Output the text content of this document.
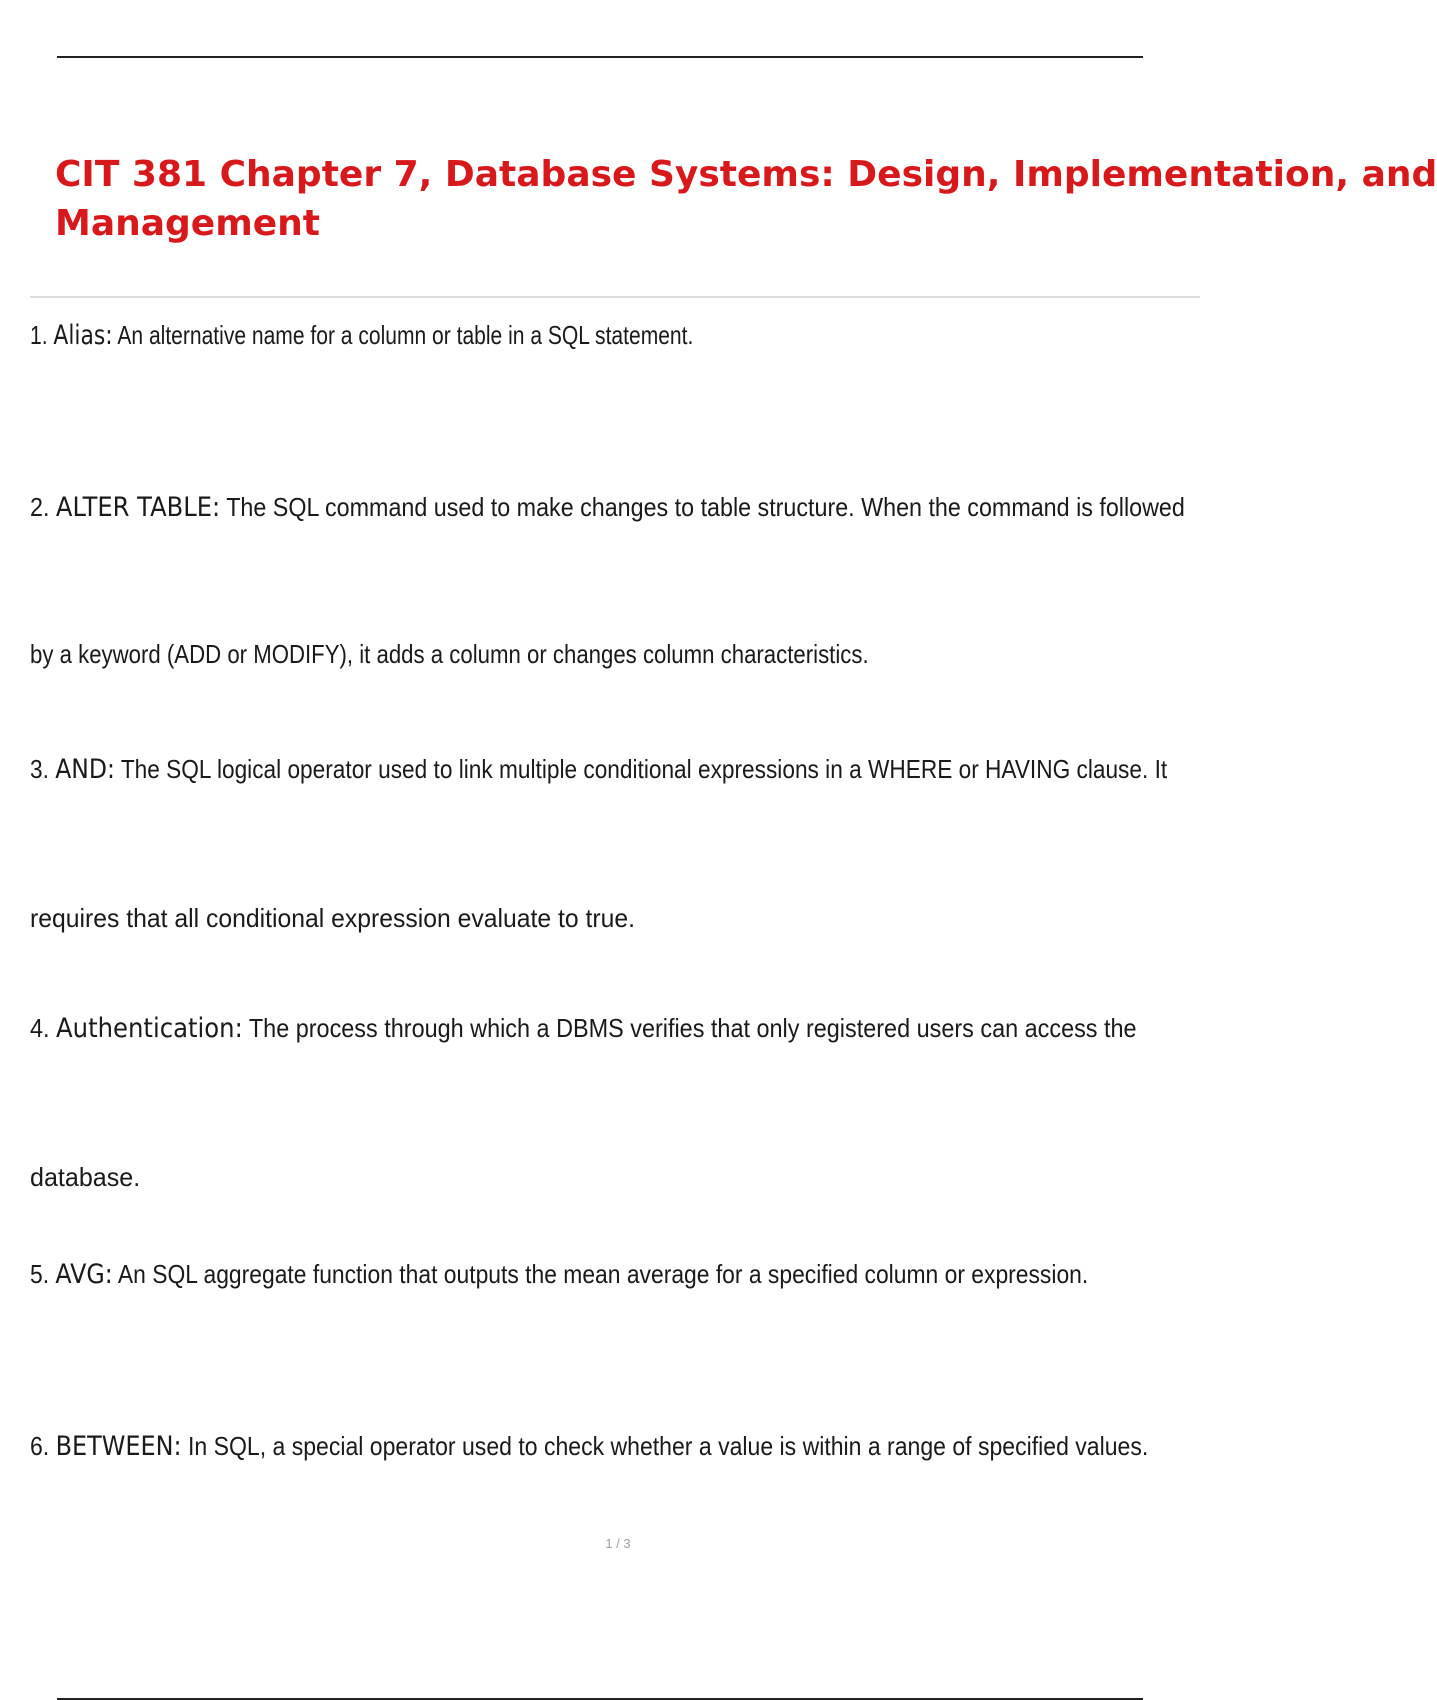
CIT 381 Chapter 7, Database Systems: Design, Implementation, and
Management
1. Alias: An alternative name for a column or table in a SQL statement.
2. ALTER TABLE: The SQL command used to make changes to table structure. When the command is followed
by a keyword (ADD or MODIFY), it adds a column or changes column characteristics.
3. AND: The SQL logical operator used to link multiple conditional expressions in a WHERE or HAVING clause. It
requires that all conditional expression evaluate to true.
4. Authentication: The process through which a DBMS verifies that only registered users can access the
database.
5. AVG: An SQL aggregate function that outputs the mean average for a specified column or expression.
6. BETWEEN: In SQL, a special operator used to check whether a value is within a range of specified values.
1 / 3
